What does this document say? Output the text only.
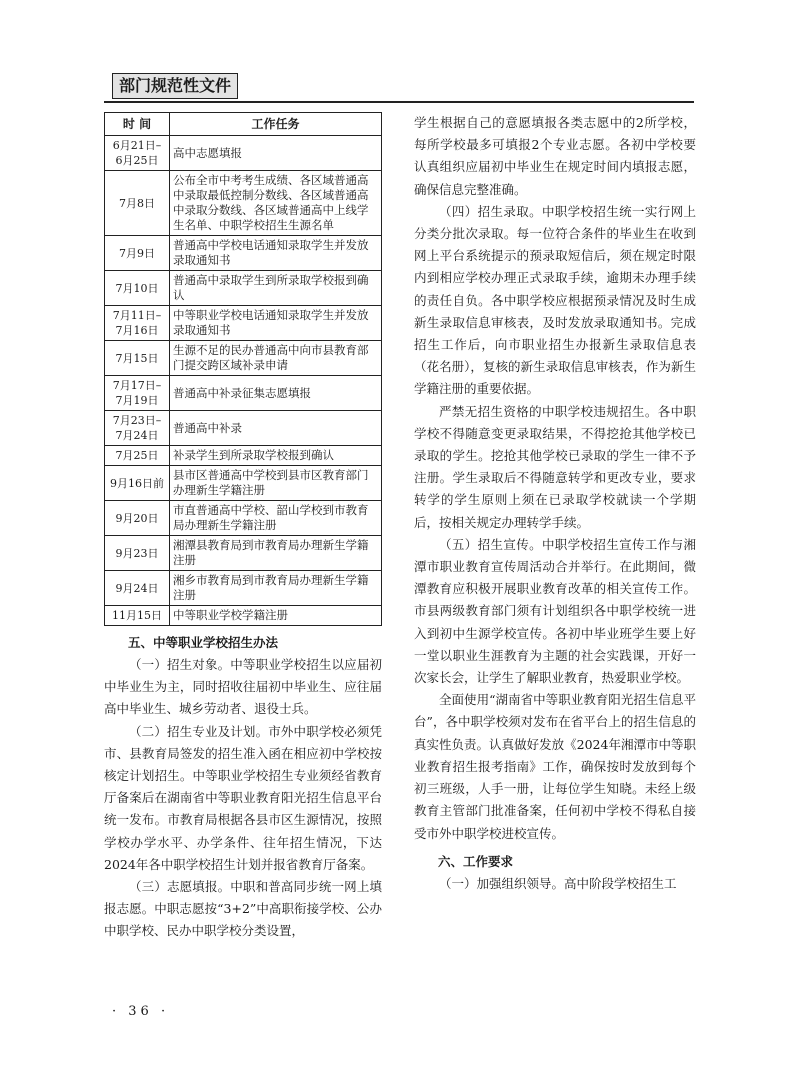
部门规范性文件
时 间	工作任务
6月21日–
6月25日	高中志愿填报
7月8日	公布全市中考考生成绩、各区域普通高中录取最低控制分数线、各区域普通高中录取分数线、各区域普通高中上线学生名单、中职学校招生生源名单
7月9日	普通高中学校电话通知录取学生并发放录取通知书
7月10日	普通高中录取学生到所录取学校报到确认
7月11日–
7月16日	中等职业学校电话通知录取学生并发放录取通知书
7月15日	生源不足的民办普通高中向市县教育部门提交跨区域补录申请
7月17日–
7月19日	普通高中补录征集志愿填报
7月23日–
7月24日	普通高中补录
7月25日	补录学生到所录取学校报到确认
9月16日前	县市区普通高中学校到县市区教育部门办理新生学籍注册
9月20日	市直普通高中学校、韶山学校到市教育局办理新生学籍注册
9月23日	湘潭县教育局到市教育局办理新生学籍注册
9月24日	湘乡市教育局到市教育局办理新生学籍注册
11月15日	中等职业学校学籍注册
五、中等职业学校招生办法

（一）招生对象。中等职业学校招生以应届初中毕业生为主，同时招收往届初中毕业生、应往届高中毕业生、城乡劳动者、退役士兵。

（二）招生专业及计划。市外中职学校必须凭市、县教育局签发的招生准入函在相应初中学校按核定计划招生。中等职业学校招生专业须经省教育厅备案后在湖南省中等职业教育阳光招生信息平台统一发布。市教育局根据各县市区生源情况，按照学校办学水平、办学条件、往年招生情况，下达2024年各中职学校招生计划并报省教育厅备案。

（三）志愿填报。中职和普高同步统一网上填报志愿。中职志愿按“3+2”中高职衔接学校、公办中职学校、民办中职学校分类设置，

学生根据自己的意愿填报各类志愿中的2所学校，每所学校最多可填报2个专业志愿。各初中学校要认真组织应届初中毕业生在规定时间内填报志愿，确保信息完整准确。

（四）招生录取。中职学校招生统一实行网上分类分批次录取。每一位符合条件的毕业生在收到网上平台系统提示的预录取短信后，须在规定时限内到相应学校办理正式录取手续，逾期未办理手续的责任自负。各中职学校应根据预录情况及时生成新生录取信息审核表，及时发放录取通知书。完成招生工作后，向市职业招生办报新生录取信息表（花名册），复核的新生录取信息审核表，作为新生学籍注册的重要依据。

严禁无招生资格的中职学校违规招生。各中职学校不得随意变更录取结果，不得挖抢其他学校已录取的学生。挖抢其他学校已录取的学生一律不予注册。学生录取后不得随意转学和更改专业，要求转学的学生原则上须在已录取学校就读一个学期后，按相关规定办理转学手续。

（五）招生宣传。中职学校招生宣传工作与湘潭市职业教育宣传周活动合并举行。在此期间，微潭教育应积极开展职业教育改革的相关宣传工作。市县两级教育部门须有计划组织各中职学校统一进入到初中生源学校宣传。各初中毕业班学生要上好一堂以职业生涯教育为主题的社会实践课，开好一次家长会，让学生了解职业教育，热爱职业学校。

全面使用“湖南省中等职业教育阳光招生信息平台”，各中职学校须对发布在省平台上的招生信息的真实性负责。认真做好发放《2024年湘潭市中等职业教育招生报考指南》工作，确保按时发放到每个初三班级，人手一册，让每位学生知晓。未经上级教育主管部门批准备案，任何初中学校不得私自接受市外中职学校进校宣传。

六、工作要求

（一）加强组织领导。高中阶段学校招生工

· 36 ·
